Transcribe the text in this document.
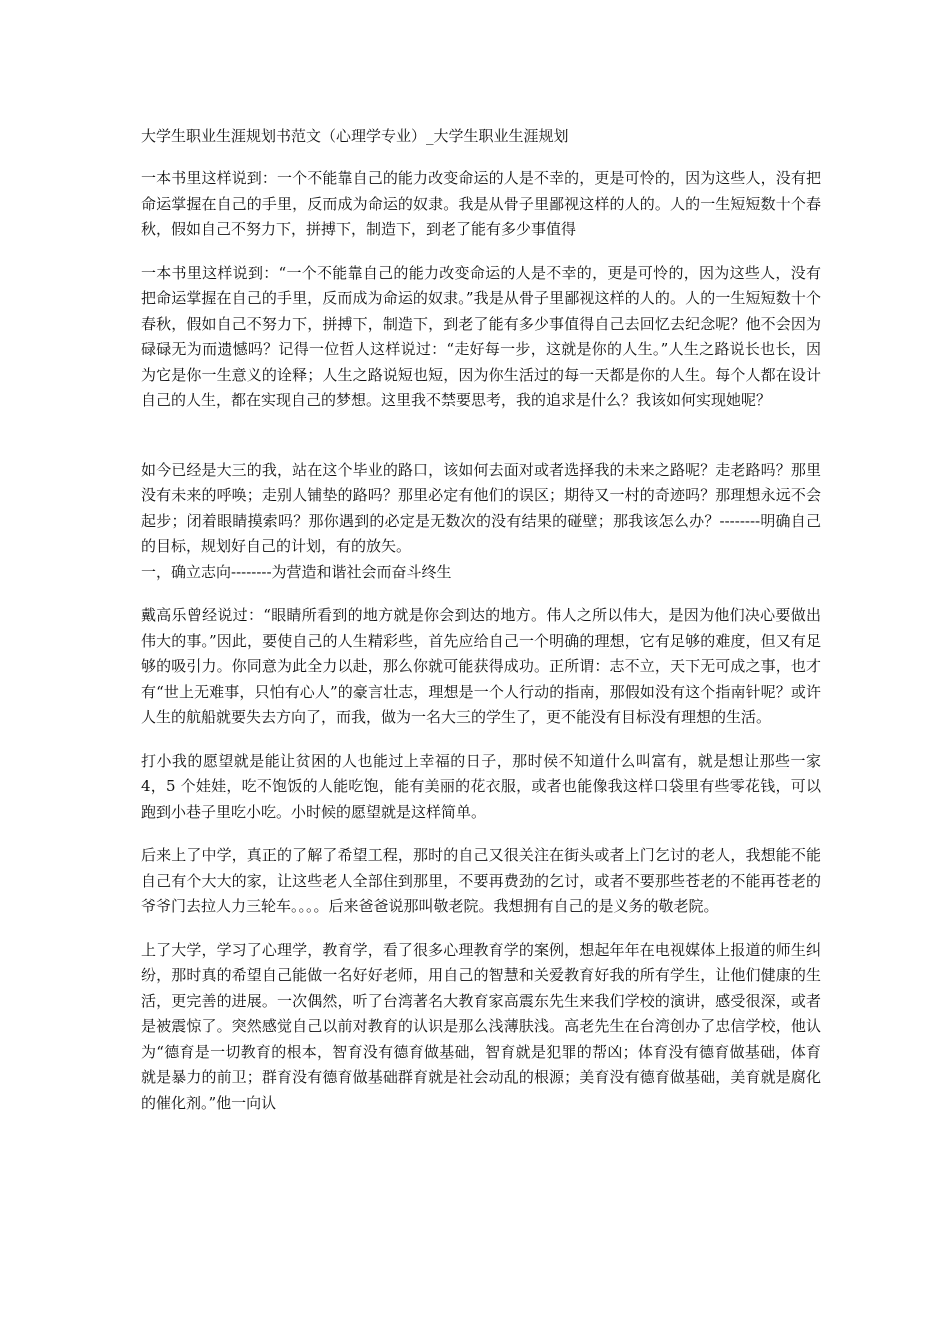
大学生职业生涯规划书范文（心理学专业）_大学生职业生涯规划

一本书里这样说到：一个不能靠自己的能力改变命运的人是不幸的，更是可怜的，因为这些人，没有把命运掌握在自己的手里，反而成为命运的奴隶。我是从骨子里鄙视这样的人的。人的一生短短数十个春秋，假如自己不努力下，拼搏下，制造下，到老了能有多少事值得

一本书里这样说到：“一个不能靠自己的能力改变命运的人是不幸的，更是可怜的，因为这些人，没有把命运掌握在自己的手里，反而成为命运的奴隶。”我是从骨子里鄙视这样的人的。人的一生短短数十个春秋，假如自己不努力下，拼搏下，制造下，到老了能有多少事值得自己去回忆去纪念呢？他不会因为碌碌无为而遗憾吗？记得一位哲人这样说过：“走好每一步，这就是你的人生。”人生之路说长也长，因为它是你一生意义的诠释；人生之路说短也短，因为你生活过的每一天都是你的人生。每个人都在设计自己的人生，都在实现自己的梦想。这里我不禁要思考，我的追求是什么？我该如何实现她呢？

如今已经是大三的我，站在这个毕业的路口，该如何去面对或者选择我的未来之路呢？走老路吗？那里没有未来的呼唤；走别人铺垫的路吗？那里必定有他们的误区；期待又一村的奇迹吗？那理想永远不会起步；闭着眼睛摸索吗？那你遇到的必定是无数次的没有结果的碰壁；那我该怎么办？--------明确自己的目标，规划好自己的计划，有的放矢。

一，确立志向--------为营造和谐社会而奋斗终生

戴高乐曾经说过：“眼睛所看到的地方就是你会到达的地方。伟人之所以伟大，是因为他们决心要做出伟大的事。”因此，要使自己的人生精彩些，首先应给自己一个明确的理想，它有足够的难度，但又有足够的吸引力。你同意为此全力以赴，那么你就可能获得成功。正所谓：志不立，天下无可成之事，也才有“世上无难事，只怕有心人”的豪言壮志，理想是一个人行动的指南，那假如没有这个指南针呢？或许人生的航船就要失去方向了，而我，做为一名大三的学生了，更不能没有目标没有理想的生活。

打小我的愿望就是能让贫困的人也能过上幸福的日子，那时侯不知道什么叫富有，就是想让那些一家 4，5 个娃娃，吃不饱饭的人能吃饱，能有美丽的花衣服，或者也能像我这样口袋里有些零花钱，可以跑到小巷子里吃小吃。小时候的愿望就是这样简单。

后来上了中学，真正的了解了希望工程，那时的自己又很关注在街头或者上门乞讨的老人，我想能不能自己有个大大的家，让这些老人全部住到那里，不要再费劲的乞讨，或者不要那些苍老的不能再苍老的爷爷门去拉人力三轮车。。。。后来爸爸说那叫敬老院。我想拥有自己的是义务的敬老院。

上了大学，学习了心理学，教育学，看了很多心理教育学的案例，想起年年在电视媒体上报道的师生纠纷，那时真的希望自己能做一名好好老师，用自己的智慧和关爱教育好我的所有学生，让他们健康的生活，更完善的进展。一次偶然，听了台湾著名大教育家高震东先生来我们学校的演讲，感受很深，或者是被震惊了。突然感觉自己以前对教育的认识是那么浅薄肤浅。高老先生在台湾创办了忠信学校，他认为“德育是一切教育的根本，智育没有德育做基础，智育就是犯罪的帮凶；体育没有德育做基础，体育就是暴力的前卫；群育没有德育做基础群育就是社会动乱的根源；美育没有德育做基础，美育就是腐化的催化剂。”他一向认
